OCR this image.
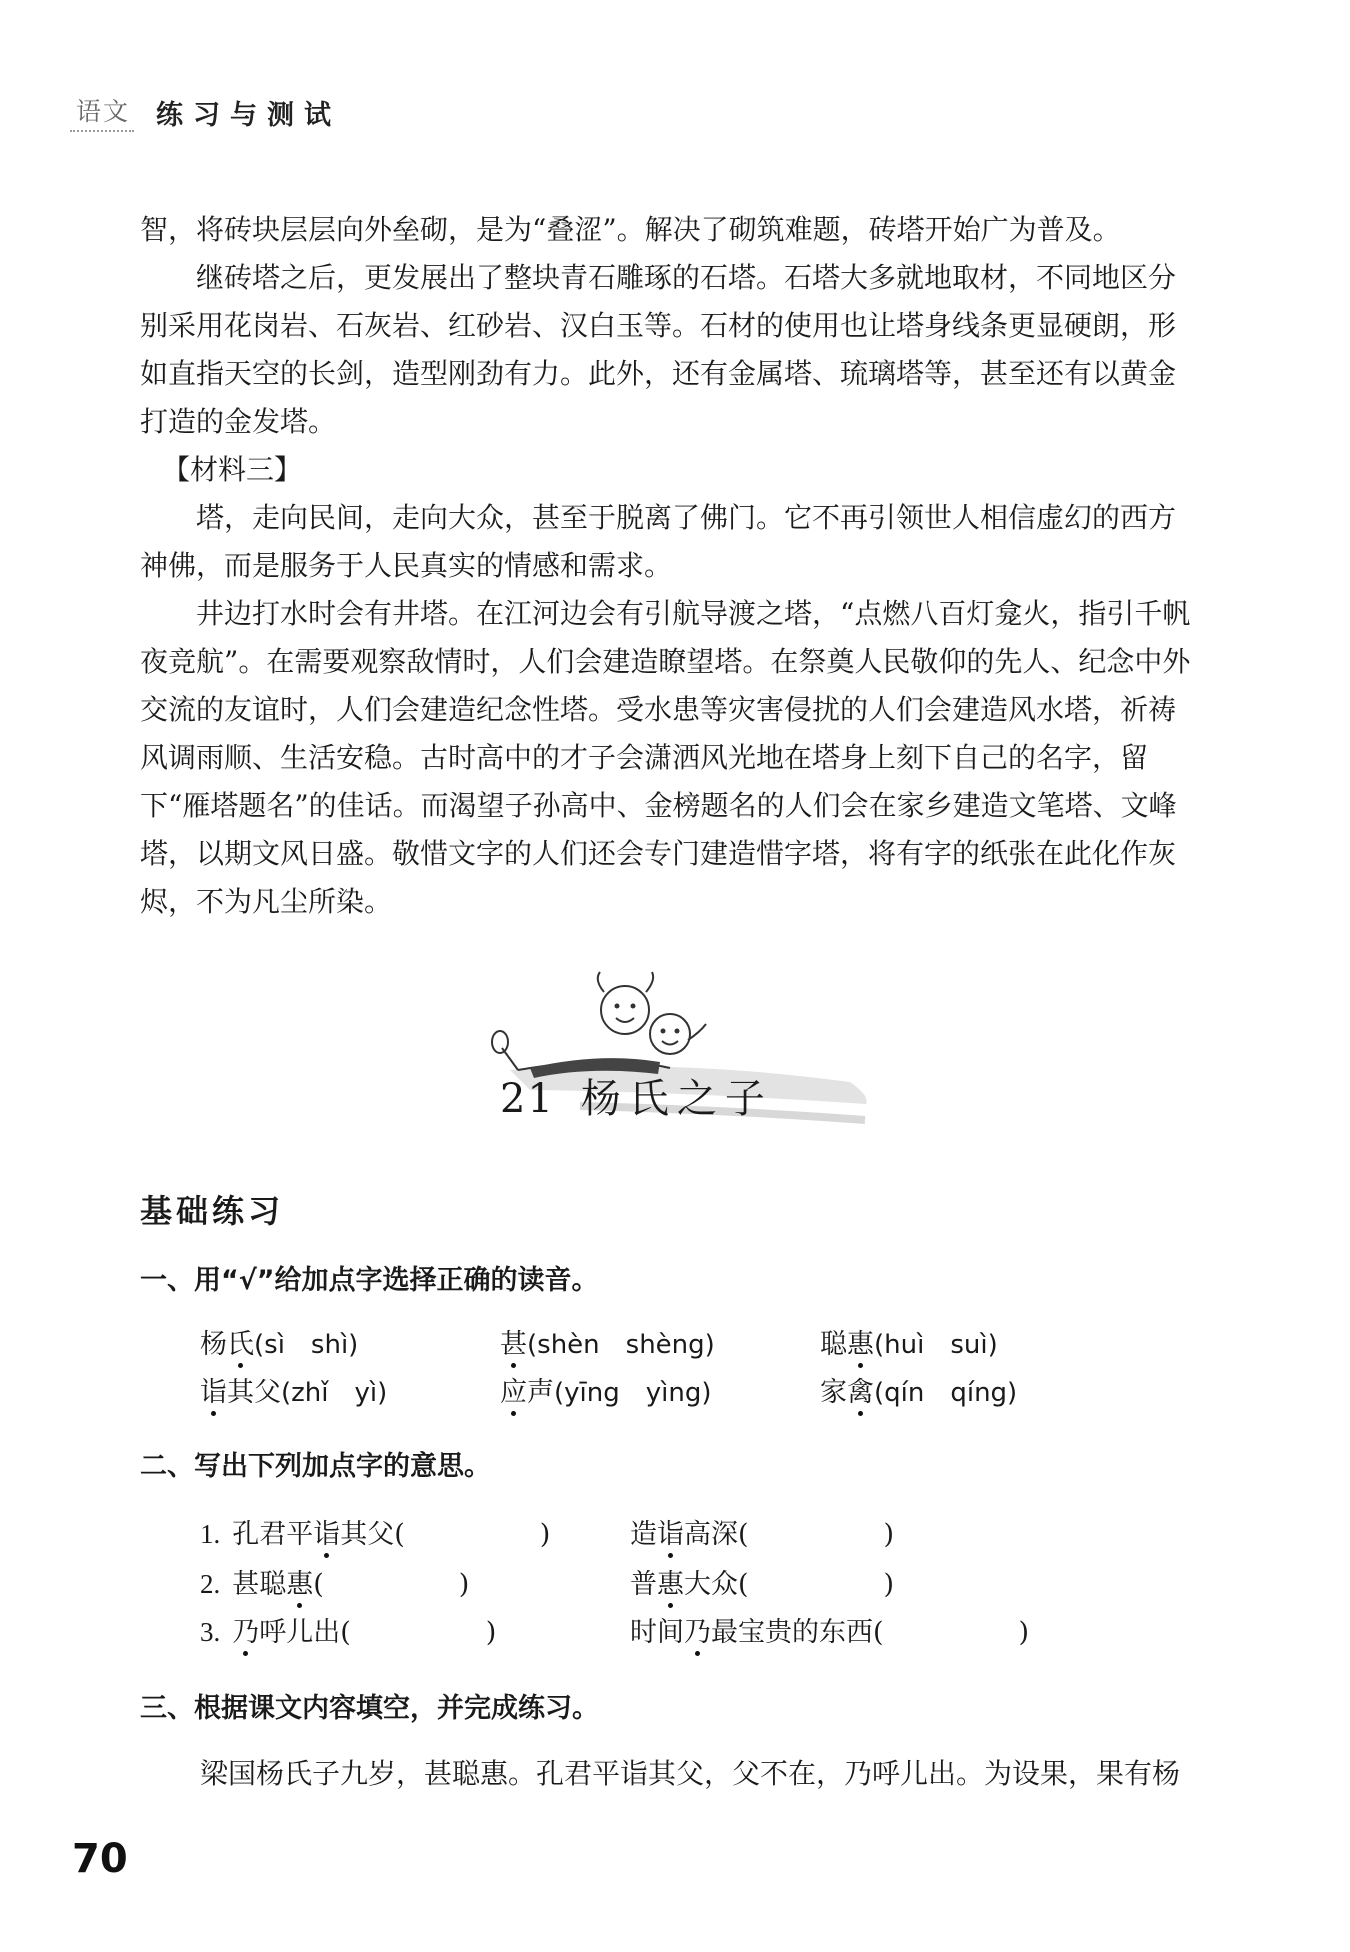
语文 练习与测试

智，将砖块层层向外垒砌，是为“叠涩”。解决了砌筑难题，砖塔开始广为普及。

继砖塔之后，更发展出了整块青石雕琢的石塔。石塔大多就地取材，不同地区分别采用花岗岩、石灰岩、红砂岩、汉白玉等。石材的使用也让塔身线条更显硬朗，形如直指天空的长剑，造型刚劲有力。此外，还有金属塔、琉璃塔等，甚至还有以黄金打造的金发塔。

【材料三】

塔，走向民间，走向大众，甚至于脱离了佛门。它不再引领世人相信虚幻的西方神佛，而是服务于人民真实的情感和需求。

井边打水时会有井塔。在江河边会有引航导渡之塔，“点燃八百灯龛火，指引千帆夜竞航”。在需要观察敌情时，人们会建造瞭望塔。在祭奠人民敬仰的先人、纪念中外交流的友谊时，人们会建造纪念性塔。受水患等灾害侵扰的人们会建造风水塔，祈祷风调雨顺、生活安稳。古时高中的才子会潇洒风光地在塔身上刻下自己的名字，留下“雁塔题名”的佳话。而渴望子孙高中、金榜题名的人们会在家乡建造文笔塔、文峰塔，以期文风日盛。敬惜文字的人们还会专门建造惜字塔，将有字的纸张在此化作灰烬，不为凡尘所染。

21 杨氏之子
基础练习
一、用“√”给加点字选择正确的读音。
杨氏(sì　shì)	甚(shèn　shèng)	聪惠(huì　suì)
诣其父(zhǐ　yì)	应声(yīng　yìng)	家禽(qín　qíng)
二、写出下列加点字的意思。
1. 孔君平诣其父(　　　　　)	造诣高深(　　　　　)
2. 甚聪惠(　　　　　)	普惠大众(　　　　　)
3. 乃呼儿出(　　　　　)	时间乃最宝贵的东西(　　　　　)
三、根据课文内容填空，并完成练习。
梁国杨氏子九岁，甚聪惠。孔君平诣其父，父不在，乃呼儿出。为设果，果有杨
70
